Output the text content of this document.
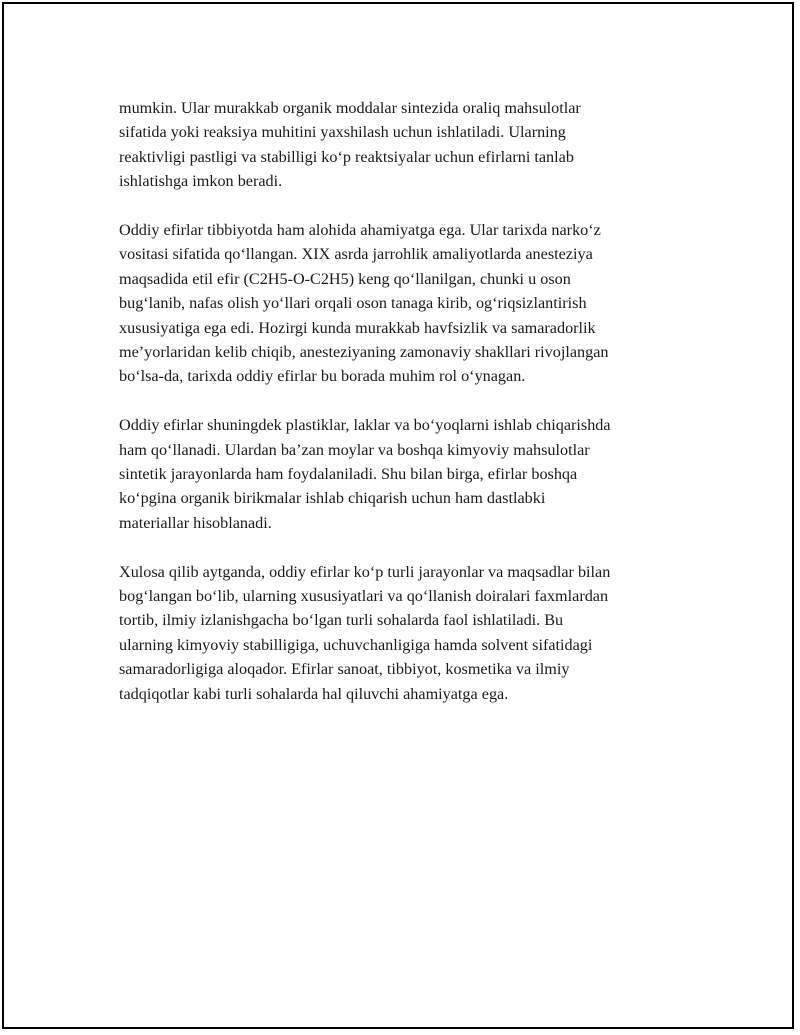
mumkin. Ular murakkab organik moddalar sintezida oraliq mahsulotlar
sifatida yoki reaksiya muhitini yaxshilash uchun ishlatiladi. Ularning
reaktivligi pastligi va stabilligi koʻp reaktsiyalar uchun efirlarni tanlab
ishlatishga imkon beradi.

Oddiy efirlar tibbiyotda ham alohida ahamiyatga ega. Ular tarixda narkoʻz
vositasi sifatida qoʻllangan. XIX asrda jarrohlik amaliyotlarda anesteziya
maqsadida etil efir (C2H5-O-C2H5) keng qoʻllanilgan, chunki u oson
bugʻlanib, nafas olish yoʻllari orqali oson tanaga kirib, ogʻriqsizlantirish
xususiyatiga ega edi. Hozirgi kunda murakkab havfsizlik va samaradorlik
me’yorlaridan kelib chiqib, anesteziyaning zamonaviy shakllari rivojlangan
boʻlsa-da, tarixda oddiy efirlar bu borada muhim rol oʻynagan.

Oddiy efirlar shuningdek plastiklar, laklar va boʻyoqlarni ishlab chiqarishda
ham qoʻllanadi. Ulardan ba’zan moylar va boshqa kimyoviy mahsulotlar
sintetik jarayonlarda ham foydalaniladi. Shu bilan birga, efirlar boshqa
koʻpgina organik birikmalar ishlab chiqarish uchun ham dastlabki
materiallar hisoblanadi.

Xulosa qilib aytganda, oddiy efirlar koʻp turli jarayonlar va maqsadlar bilan
bogʻlangan boʻlib, ularning xususiyatlari va qoʻllanish doiralari faxmlardan
tortib, ilmiy izlanishgacha boʻlgan turli sohalarda faol ishlatiladi. Bu
ularning kimyoviy stabilligiga, uchuvchanligiga hamda solvent sifatidagi
samaradorligiga aloqador. Efirlar sanoat, tibbiyot, kosmetika va ilmiy
tadqiqotlar kabi turli sohalarda hal qiluvchi ahamiyatga ega.
